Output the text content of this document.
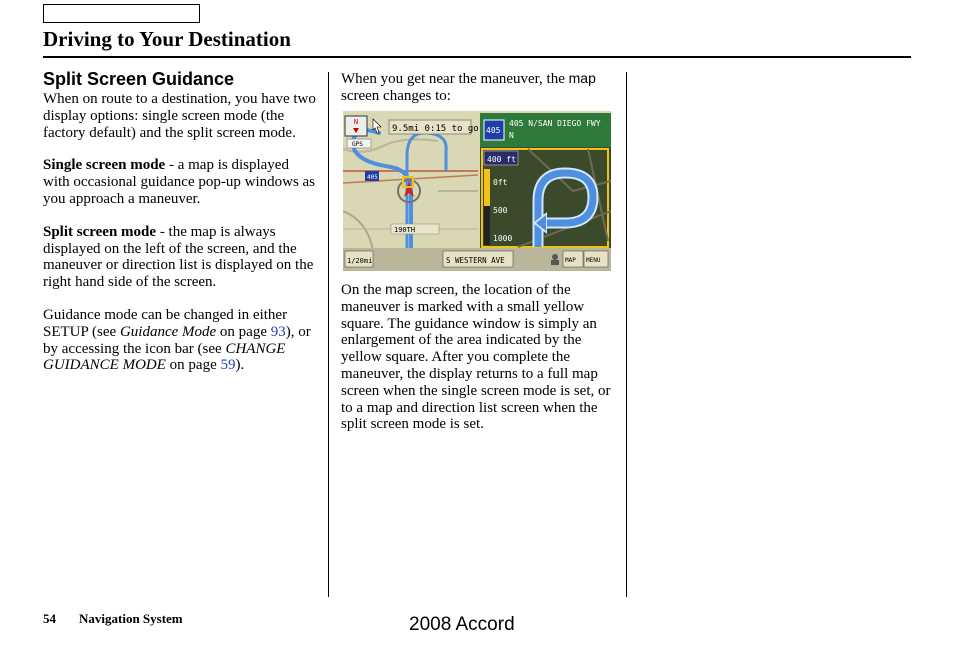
Driving to Your Destination
Split Screen Guidance

When on route to a destination, you have two display options: single screen mode (the factory default) and the split screen mode.

Single screen mode - a map is displayed with occasional guidance pop-up windows as you approach a maneuver.

Split screen mode - the map is always displayed on the left of the screen, and the maneuver or direction list is displayed on the right hand side of the screen.

Guidance mode can be changed in either SETUP (see Guidance Mode on page 93), or by accessing the icon bar (see CHANGE GUIDANCE MODE on page 59).

When you get near the maneuver, the map screen changes to:

On the map screen, the location of the maneuver is marked with a small yellow square. The guidance window is simply an enlargement of the area indicated by the yellow square. After you complete the maneuver, the display returns to a full map screen when the single screen mode is set, or to a map and direction list screen when the split screen mode is set.

N
9.5mi 0:15 to go
GPS
405
190TH
405
405 N/SAN DIEGO FWY
N
400 ft
0ft
500
1000
1/20mi	S WESTERN AVE	MAP MENU
54 Navigation System	2008 Accord
